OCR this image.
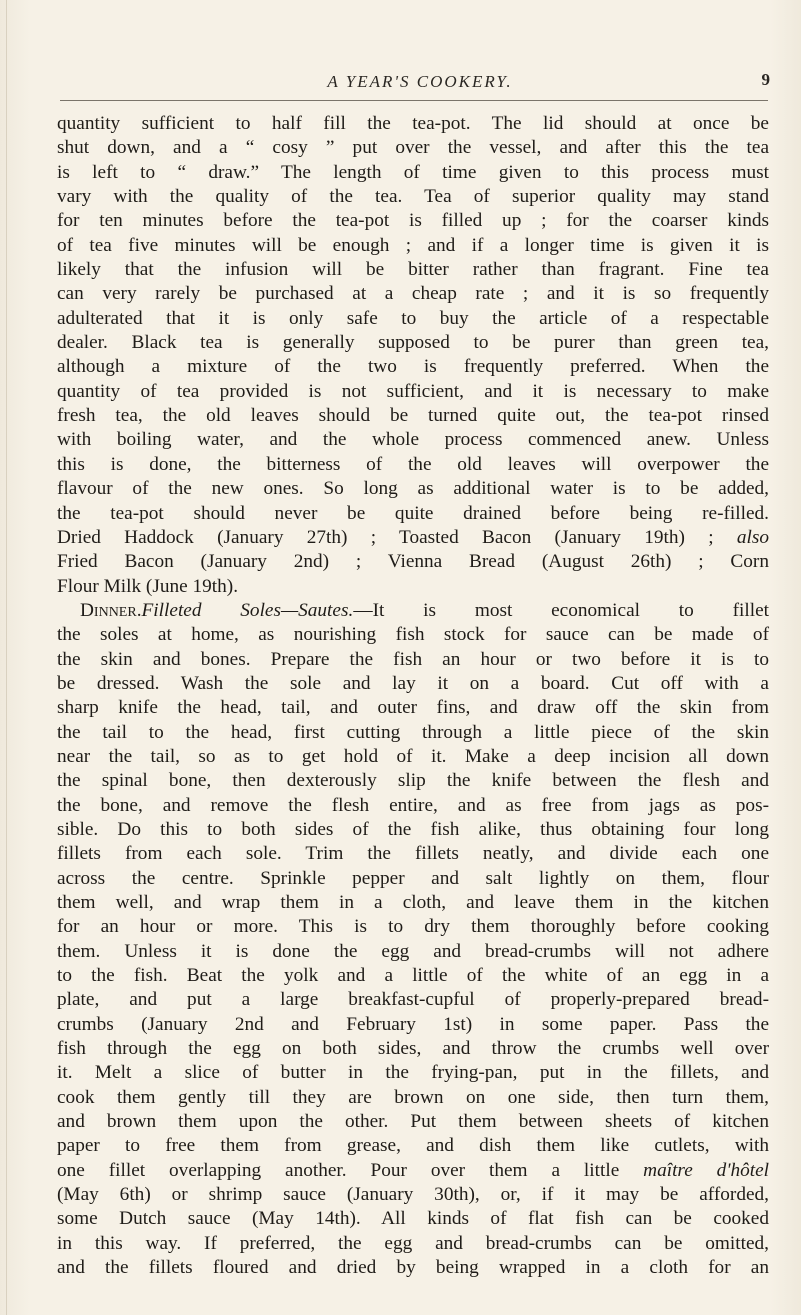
A YEAR'S COOKERY.	9
quantity sufficient to half fill the tea-pot. The lid should at once be
shut down, and a “ cosy ” put over the vessel, and after this the tea
is left to “ draw.” The length of time given to this process must
vary with the quality of the tea. Tea of superior quality may stand
for ten minutes before the tea-pot is filled up ; for the coarser kinds
of tea five minutes will be enough ; and if a longer time is given it is
likely that the infusion will be bitter rather than fragrant. Fine tea
can very rarely be purchased at a cheap rate ; and it is so frequently
adulterated that it is only safe to buy the article of a respectable
dealer. Black tea is generally supposed to be purer than green tea,
although a mixture of the two is frequently preferred. When the
quantity of tea provided is not sufficient, and it is necessary to make
fresh tea, the old leaves should be turned quite out, the tea-pot rinsed
with boiling water, and the whole process commenced anew. Unless
this is done, the bitterness of the old leaves will overpower the
flavour of the new ones. So long as additional water is to be added,
the tea-pot should never be quite drained before being re-filled.
Dried Haddock (January 27th) ; Toasted Bacon (January 19th) ; also
Fried Bacon (January 2nd) ; Vienna Bread (August 26th) ; Corn
Flour Milk (June 19th).
Dinner.Filleted Soles—Sautes.—It is most economical to fillet
the soles at home, as nourishing fish stock for sauce can be made of
the skin and bones. Prepare the fish an hour or two before it is to
be dressed. Wash the sole and lay it on a board. Cut off with a
sharp knife the head, tail, and outer fins, and draw off the skin from
the tail to the head, first cutting through a little piece of the skin
near the tail, so as to get hold of it. Make a deep incision all down
the spinal bone, then dexterously slip the knife between the flesh and
the bone, and remove the flesh entire, and as free from jags as pos-
sible. Do this to both sides of the fish alike, thus obtaining four long
fillets from each sole. Trim the fillets neatly, and divide each one
across the centre. Sprinkle pepper and salt lightly on them, flour
them well, and wrap them in a cloth, and leave them in the kitchen
for an hour or more. This is to dry them thoroughly before cooking
them. Unless it is done the egg and bread-crumbs will not adhere
to the fish. Beat the yolk and a little of the white of an egg in a
plate, and put a large breakfast-cupful of properly-prepared bread-
crumbs (January 2nd and February 1st) in some paper. Pass the
fish through the egg on both sides, and throw the crumbs well over
it. Melt a slice of butter in the frying-pan, put in the fillets, and
cook them gently till they are brown on one side, then turn them,
and brown them upon the other. Put them between sheets of kitchen
paper to free them from grease, and dish them like cutlets, with
one fillet overlapping another. Pour over them a little maître d'hôtel
(May 6th) or shrimp sauce (January 30th), or, if it may be afforded,
some Dutch sauce (May 14th). All kinds of flat fish can be cooked
in this way. If preferred, the egg and bread-crumbs can be omitted,
and the fillets floured and dried by being wrapped in a cloth for an
